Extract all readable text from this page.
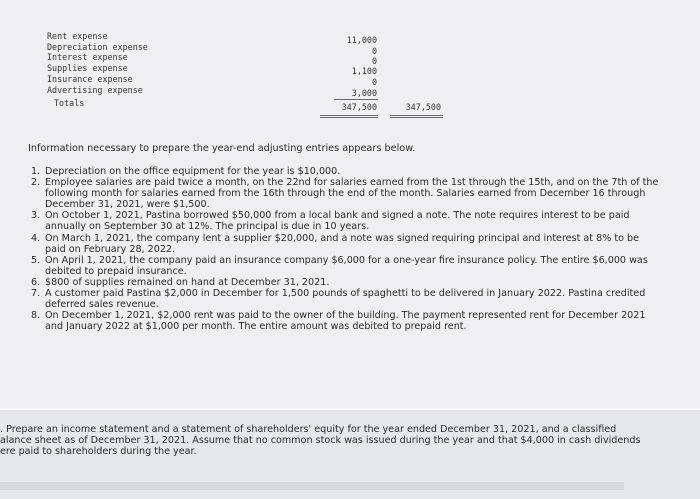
Rent expense	11,000
Depreciation expense	0
Interest expense	0
Supplies expense	1,100
Insurance expense	0
Advertising expense	3,000
Totals	347,500	347,500
Information necessary to prepare the year-end adjusting entries appears below.
1. Depreciation on the office equipment for the year is $10,000.
2. Employee salaries are paid twice a month, on the 22nd for salaries earned from the 1st through the 15th, and on the 7th of the following month for salaries earned from the 16th through the end of the month. Salaries earned from December 16 through December 31, 2021, were $1,500.
3. On October 1, 2021, Pastina borrowed $50,000 from a local bank and signed a note. The note requires interest to be paid annually on September 30 at 12%. The principal is due in 10 years.
4. On March 1, 2021, the company lent a supplier $20,000, and a note was signed requiring principal and interest at 8% to be paid on February 28, 2022.
5. On April 1, 2021, the company paid an insurance company $6,000 for a one-year fire insurance policy. The entire $6,000 was debited to prepaid insurance.
6. $800 of supplies remained on hand at December 31, 2021.
7. A customer paid Pastina $2,000 in December for 1,500 pounds of spaghetti to be delivered in January 2022. Pastina credited deferred sales revenue.
8. On December 1, 2021, $2,000 rent was paid to the owner of the building. The payment represented rent for December 2021 and January 2022 at $1,000 per month. The entire amount was debited to prepaid rent.
. Prepare an income statement and a statement of shareholders' equity for the year ended December 31, 2021, and a classified
alance sheet as of December 31, 2021. Assume that no common stock was issued during the year and that $4,000 in cash dividends
ere paid to shareholders during the year.
